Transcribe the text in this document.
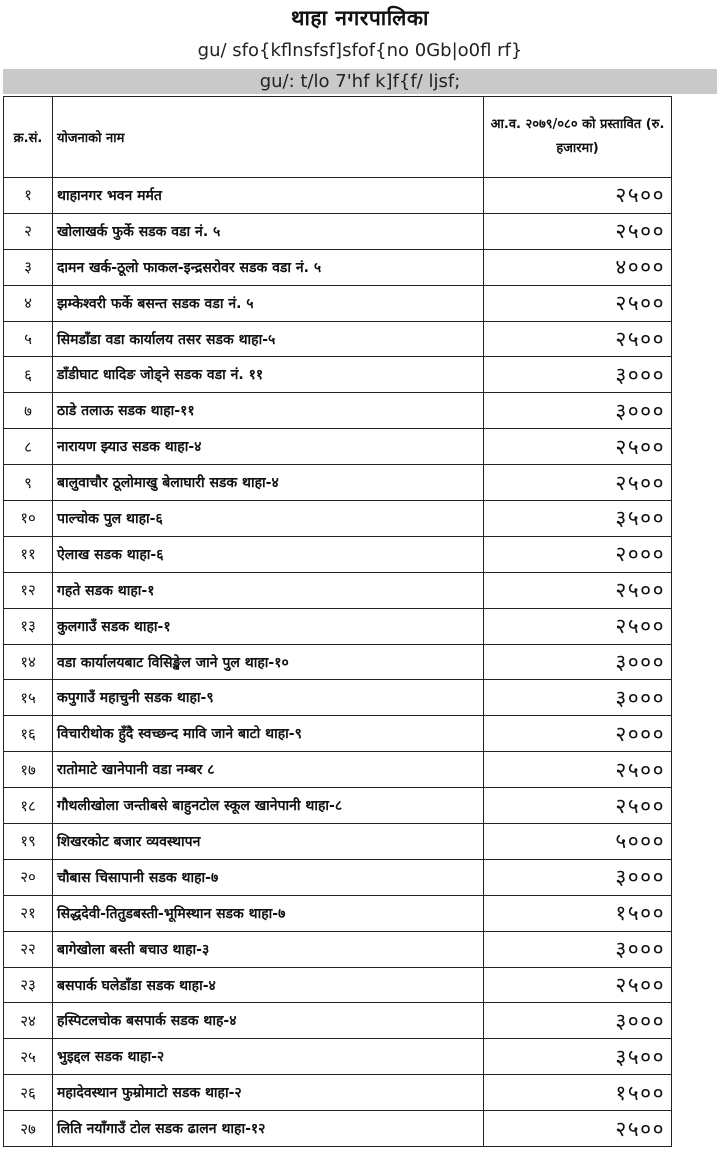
थाहा नगरपालिका
gu/ sfo{kflnsfsf]sfof{no 0Gb|o0fl rf}
gu/: t/lo 7'hf k]f{f/ ljsf;
क्र.सं.	योजनाको नाम	आ.व. २०७९/०८० को प्रस्तावित (रु. हजारमा)
१	थाहानगर भवन मर्मत	२५००
२	खोलाखर्क फुर्के सडक वडा नं. ५	२५००
३	दामन खर्क-ठूलो फाकल-इन्द्रसरोवर सडक वडा नं. ५	४०००
४	झम्केश्वरी फर्के बसन्त सडक वडा नं. ५	२५००
५	सिमडाँडा वडा कार्यालय तसर सडक थाहा-५	२५००
६	डाँडीघाट धादिङ जोड्ने सडक वडा नं. ११	३०००
७	ठाडे तलाऊ सडक थाहा-११	३०००
८	नारायण झ्याउ सडक थाहा-४	२५००
९	बालुवाचौर ठूलोमाखु बेलाघारी सडक थाहा-४	२५००
१०	पाल्चोक पुल थाहा-६	३५००
११	ऐलाख सडक थाहा-६	२०००
१२	गहते सडक थाहा-१	२५००
१३	कुलगाउँ सडक थाहा-१	२५००
१४	वडा कार्यालयबाट विसिङ्खेल जाने पुल थाहा-१०	३०००
१५	कपुगाउँ महाचुनी सडक थाहा-९	३०००
१६	विचारीथोक हुँदै स्वच्छन्द मावि जाने बाटो थाहा-९	२०००
१७	रातोमाटे खानेपानी वडा नम्बर ८	२५००
१८	गौथलीखोला जन्तीबसे बाहुनटोल स्कूल खानेपानी थाहा-८	२५००
१९	शिखरकोट बजार व्यवस्थापन	५०००
२०	चौबास चिसापानी सडक थाहा-७	३०००
२१	सिद्धदेवी-तितुडबस्ती-भूमिस्थान सडक थाहा-७	१५००
२२	बागेखोला बस्ती बचाउ थाहा-३	३०००
२३	बसपार्क घलेडाँडा सडक थाहा-४	२५००
२४	हस्पिटलचोक बसपार्क सडक थाह-४	३०००
२५	भुइद्दल सडक थाहा-२	३५००
२६	महादेवस्थान फुम्रोमाटो सडक थाहा-२	१५००
२७	लिति नयाँगाउँ टोल सडक ढालन थाहा-१२	२५००
